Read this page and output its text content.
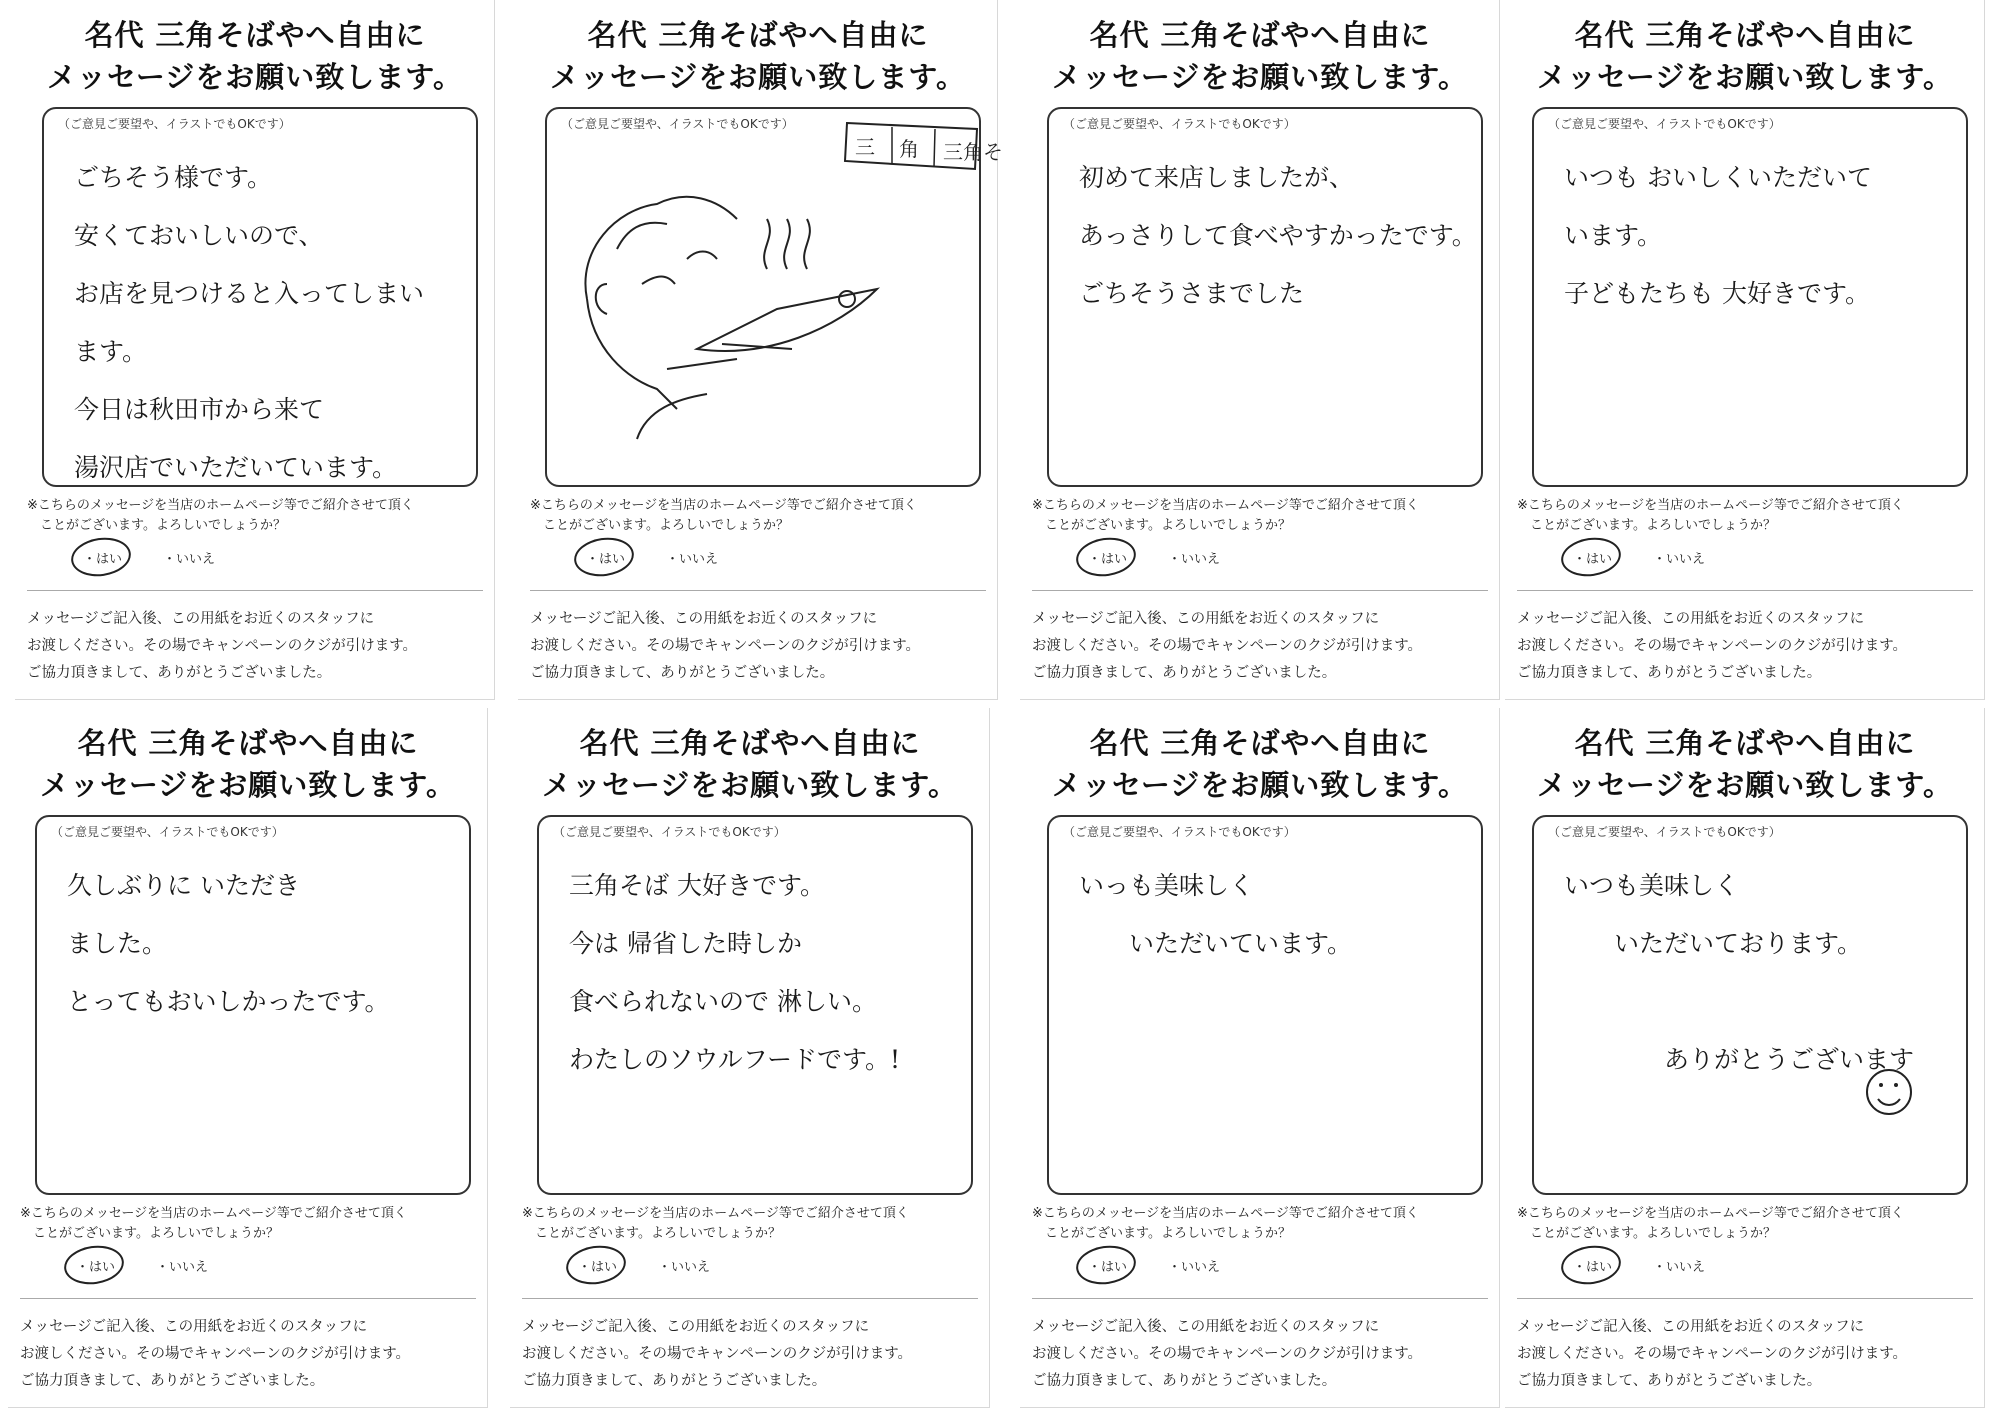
名代 三角そばやへ自由に
メッセージをお願い致します。
（ご意見ご要望や、イラストでもOKです）
ごちそう様です。
安くておいしいので、
お店を見つけると入ってしまい
ます。
今日は秋田市から来て
湯沢店でいただいています。
※こちらのメッセージを当店のホームページ等でご紹介させて頂く
　ことがございます。よろしいでしょうか？
・はい	・いいえ
メッセージご記入後、この用紙をお近くのスタッフに
お渡しください。その場でキャンペーンのクジが引けます。
ご協力頂きまして、ありがとうございました。
名代 三角そばやへ自由に
メッセージをお願い致します。
（ご意見ご要望や、イラストでもOKです）
三 角 三角そ
※こちらのメッセージを当店のホームページ等でご紹介させて頂く
　ことがございます。よろしいでしょうか？
・はい	・いいえ
メッセージご記入後、この用紙をお近くのスタッフに
お渡しください。その場でキャンペーンのクジが引けます。
ご協力頂きまして、ありがとうございました。
名代 三角そばやへ自由に
メッセージをお願い致します。
（ご意見ご要望や、イラストでもOKです）
初めて来店しましたが、
あっさりして食べやすかったです。
ごちそうさまでした
※こちらのメッセージを当店のホームページ等でご紹介させて頂く
　ことがございます。よろしいでしょうか？
・はい	・いいえ
メッセージご記入後、この用紙をお近くのスタッフに
お渡しください。その場でキャンペーンのクジが引けます。
ご協力頂きまして、ありがとうございました。
名代 三角そばやへ自由に
メッセージをお願い致します。
（ご意見ご要望や、イラストでもOKです）
いつも おいしくいただいて
います。
子どもたちも 大好きです。
※こちらのメッセージを当店のホームページ等でご紹介させて頂く
　ことがございます。よろしいでしょうか？
・はい	・いいえ
メッセージご記入後、この用紙をお近くのスタッフに
お渡しください。その場でキャンペーンのクジが引けます。
ご協力頂きまして、ありがとうございました。
名代 三角そばやへ自由に
メッセージをお願い致します。
（ご意見ご要望や、イラストでもOKです）
久しぶりに いただき
ました。
とってもおいしかったです。
※こちらのメッセージを当店のホームページ等でご紹介させて頂く
　ことがございます。よろしいでしょうか？
・はい	・いいえ
メッセージご記入後、この用紙をお近くのスタッフに
お渡しください。その場でキャンペーンのクジが引けます。
ご協力頂きまして、ありがとうございました。
名代 三角そばやへ自由に
メッセージをお願い致します。
（ご意見ご要望や、イラストでもOKです）
三角そば 大好きです。
今は 帰省した時しか
食べられないので 淋しい。
わたしのソウルフードです。!
※こちらのメッセージを当店のホームページ等でご紹介させて頂く
　ことがございます。よろしいでしょうか？
・はい	・いいえ
メッセージご記入後、この用紙をお近くのスタッフに
お渡しください。その場でキャンペーンのクジが引けます。
ご協力頂きまして、ありがとうございました。
名代 三角そばやへ自由に
メッセージをお願い致します。
（ご意見ご要望や、イラストでもOKです）
いっも美味しく
　　いただいています。
※こちらのメッセージを当店のホームページ等でご紹介させて頂く
　ことがございます。よろしいでしょうか？
・はい	・いいえ
メッセージご記入後、この用紙をお近くのスタッフに
お渡しください。その場でキャンペーンのクジが引けます。
ご協力頂きまして、ありがとうございました。
名代 三角そばやへ自由に
メッセージをお願い致します。
（ご意見ご要望や、イラストでもOKです）
いつも美味しく
　　いただいております。

　　　　ありがとうございます
※こちらのメッセージを当店のホームページ等でご紹介させて頂く
　ことがございます。よろしいでしょうか？
・はい	・いいえ
メッセージご記入後、この用紙をお近くのスタッフに
お渡しください。その場でキャンペーンのクジが引けます。
ご協力頂きまして、ありがとうございました。
